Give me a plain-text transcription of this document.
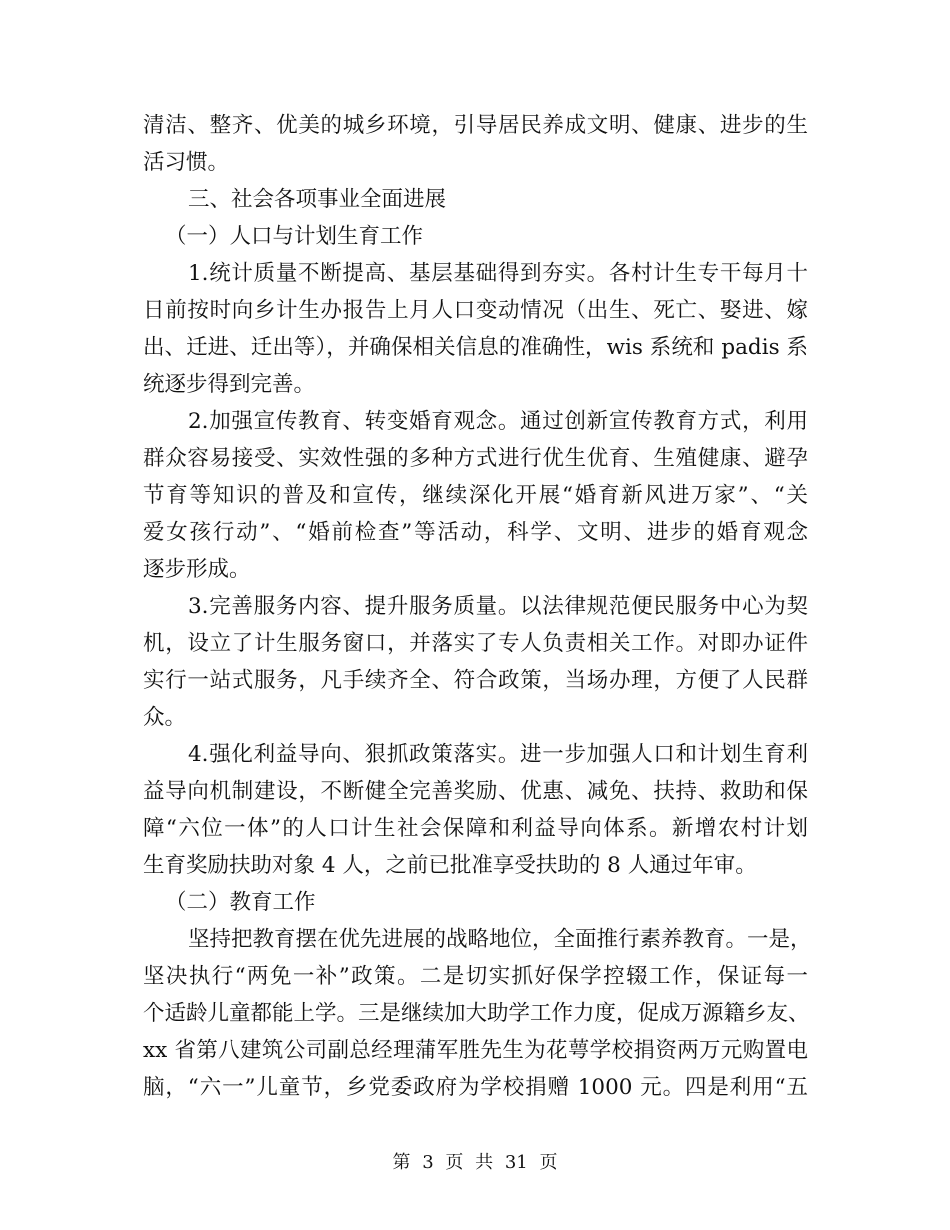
清洁、整齐、优美的城乡环境，引导居民养成文明、健康、进步的生
活习惯。
三、社会各项事业全面进展
（一）人口与计划生育工作
1.统计质量不断提高、基层基础得到夯实。各村计生专干每月十
日前按时向乡计生办报告上月人口变动情况（出生、死亡、娶进、嫁
出、迁进、迁出等），并确保相关信息的准确性，wis 系统和 padis 系
统逐步得到完善。
2.加强宣传教育、转变婚育观念。通过创新宣传教育方式，利用
群众容易接受、实效性强的多种方式进行优生优育、生殖健康、避孕
节育等知识的普及和宣传，继续深化开展“婚育新风进万家”、“关
爱女孩行动”、“婚前检查”等活动，科学、文明、进步的婚育观念
逐步形成。
3.完善服务内容、提升服务质量。以法律规范便民服务中心为契
机，设立了计生服务窗口，并落实了专人负责相关工作。对即办证件
实行一站式服务，凡手续齐全、符合政策，当场办理，方便了人民群
众。
4.强化利益导向、狠抓政策落实。进一步加强人口和计划生育利
益导向机制建设，不断健全完善奖励、优惠、减免、扶持、救助和保
障“六位一体”的人口计生社会保障和利益导向体系。新增农村计划
生育奖励扶助对象 4 人，之前已批准享受扶助的 8 人通过年审。
（二）教育工作
坚持把教育摆在优先进展的战略地位，全面推行素养教育。一是，
坚决执行“两免一补”政策。二是切实抓好保学控辍工作，保证每一
个适龄儿童都能上学。三是继续加大助学工作力度，促成万源籍乡友、
xx 省第八建筑公司副总经理蒲军胜先生为花萼学校捐资两万元购置电
脑，“六一”儿童节，乡党委政府为学校捐赠 1000 元。四是利用“五
第 3 页 共 31 页
